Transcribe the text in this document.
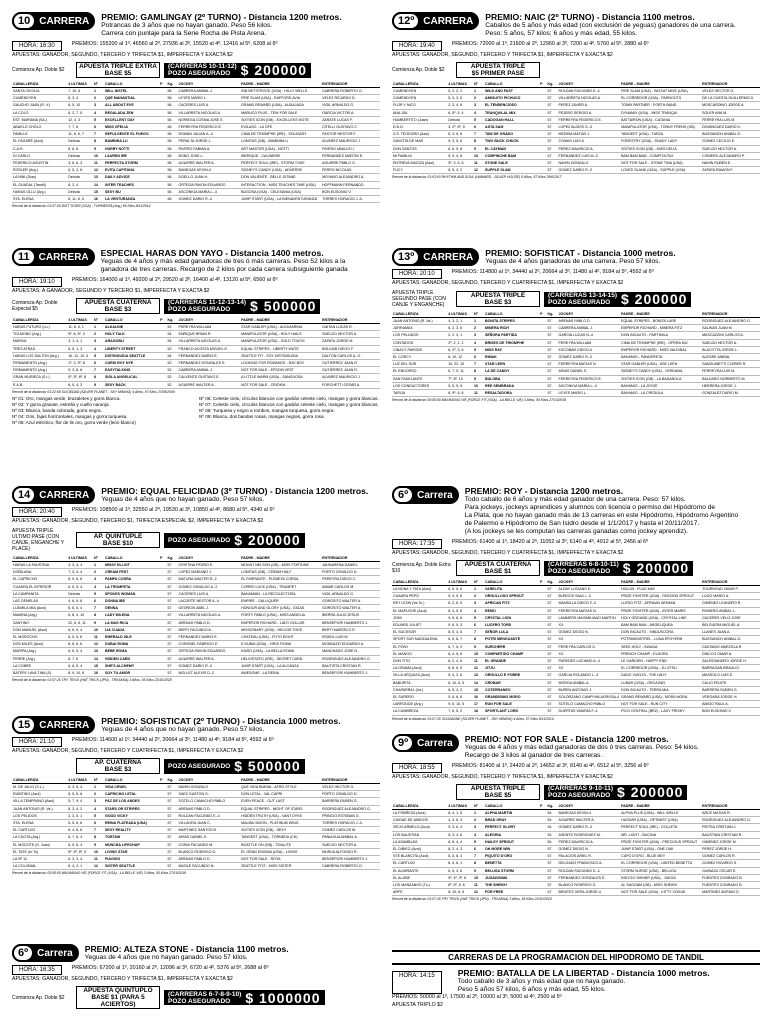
10 CARRERA PREMIO: GAMLINGAY (2º TURNO) - Distancia 1200 metros.
Potrancas de 3 años que no hayan ganado. Peso 56 kilos.
Carrera con puntaje para la Serie Rocha de Pista Arena.
HORA: 16:30	PREMIOS: 155200 al 1º, 46560 al 2º, 27936 al 3º, 15520 al 4º, 12416 al 5º, 6208 al 6º
APUESTAS: GANADOR, SEGUNDO, TERCERO Y TRIFECTA $1, IMPERFECTA Y EXACTA $2
Comienza Ap. Doble $2	APUESTA TRIPLE EXTRA
BASE $5
(CARRERAS 10-11-12)
POZO ASEGURADO $ 200000
CABALLERIZA	4 ULTIMAS	Nº	CABALLO	P	Kg.	JOCKEY	PADRE - MADRE	ENTRENADOR
SANTA CECILIA	7, 10, 6	1	WILL NISTEL		56	CABRERA ANIBAL J.	INN NETSTROCE (USA) - HILLY WELLS	CABRERA ROBERTO O.
CUMENDYEN	8, 3, 4	2	QUE MANANTIAL		56	LEYES MARIO L.	FIRE SLAM (USA) - RAFFORD AVIA	VELEZ RICARDO D.
GAUCHO JUAN (R. V.)	6, 5, 10	3	ALL ABOUT EVE		56	CACERES LUIS A.	GRAND REWARD (USA) - AUDAJADA	VIGIL ARNALDO G.
LA COLO	6, 2, 7, 5	4	REGALADA ZEN		56	VILLARRETA NICOLAS A.	MARUCO PLUS - TEW FOR SALE	GARCIA VICTOR A.
EST. MARIANA (SA.)	12, 4, 3	5	EXCELLENT DAY		56	NORIEGA COSMA JOSE E.	SIXTIES ICON (GB) - EXCELLENT MOTE	ZARATE LUCAS F.
ABUELO CHOLO	7, 7, 6	6	MISS OFELIA		56	FERREYRA FEDERICO E.	EVILASO - LA OFE	CITELLI GUSTAVO C.
FAMILLE	11, 6, 6, 7	7	REFULGENTE EL FUEGO		56	ROMAN JULIAN A.-4	CIMA DE TRIOMPHE (IRE) - SOLIDARY	PASTOR NESTOR F.
EL FAGARÉ (Azul)	Debuta	8	BAMBINA LU		56	PERALTA JORGE L.	LOMITAS (GB) - BAMBINA LI	ALVAREZ MAURICIO J.
C.A.R.	8, 8, 8	9	HURRY NOTTI		56	RIVERO FABIAN A.	ART MASTER (USA) - NOTTI	RIVERO UBALDO I.
DI CARLO	Debuta	10	LAUREN IRE		56	BONO JOSE L.	IBERIQUE - CALINERIE	FERNANDEZ MARTIN E.
FEDERICO AGUSTIN	3, 6, 6, 3	11	PERFECTA STORM		56	AGUIRRE WALTER A.	PERFECT SOUL (IRE) - STORM TOKE	AGUIRRE PABLO G.
ROSLER (Arg.)	6, 5, 3, 6	12	EVITA CAPITANA		56	BANEGAS KEVIN-4	SIDNEY'S CANDY (USA) - ADVERSE	FERRO NICOLAS
LA NINI (Díaz)	Debuta	13	DAILY ADVICE		56	DOELLO JUAN H.	DON VALIENTE - BELLE GITANE	MOYANO ALEJANDRO A.
EL GUADAL (Tandil)	8, 2, 4	14	INTER TEACHES		56	ORTEGA PAVON EDUARDO	INTERACTION - MISS TEACHES TIME (USA)	HOFFMANN FERNANDO
HARAS OLLU (Arg.)	Debuta	15	SEXY BU		56	ASCONIGA MARIA L.-4	BUGOSA (USA) - CELESANIA (USA)	BON EUSONIO V.
STA. ELENA	8, 11, 6, 5	16	LA VENTURANZA		56	GOMEZ DARIO R.-3	JUMP START (USA) - LA BIENAVENTURANZA	TORRES HORACIO J. A.
Record de la distancia: 01:07:26 DIST TIGER (USA) - TORMENTA (Arg.) 56 Kilos 8/11/2014
11 CARRERA ESPECIAL HARAS DON YAYO - Distancia 1400 metros.
Yeguas de 4 años y más edad ganadoras de tres ó más carreras. Peso 52 kilos a la
ganadora de tres carreras. Recargo de 2 kilos por cada carrera subsiguiente ganada
HORA: 19:10	PREMIOS: 164000 al 1º, 49200 al 2º, 29520 al 3º, 16400 al 4º, 13120 al 5º, 6560 al 6º
APUESTAS: A GANADOR, SEGUNDO Y TERCERO $1, IMPERFECTA Y EXACTA $2
Comienza Ap. Doble Especial $5
APUESTA CUATERNA
BASE $3
(CARRERAS 11-12-13-14)
POZO ASEGURADO	$ 500000
CABALLERIZA	4 ULTIMAS	Nº	CABALLO	P	Kg.	JOCKEY	PADRE - MADRE	ENTRENADOR
HARAS FUTURO (Lu.)	11, 6, 4, 1	1	ALKALINE		52	PEREYRA WILLIAM	STAR GABLER (USA) - ALKASARINA	GAITAN LUCAS R.
TOLMONO (Arg.)	5º, 8, 5º, 3	2	HOLY TALK		54	ENRIQUE BRIAN R.	MANIPULATOR (USA) - HOLY HAILS	SUELDO HECTOR A.
MARIVA	3, 1, 4, 1	3	ARAGOBLI		54	VILLARRETA NICOLAS A.	MANIPULATOR (USA) - GOLD TOUCH	ZAPATA JORGE M.
TRES ATRAS	6, 5, 1, 3	4	LIBERTY STREET		52	FRANCO ACOSTA MIGUEL E.	EQUAL STRIPES - LIBERTY WATS	BOLIVAR DIEGO F.
HARAS LOS DALTON (Arg.)	10, 12, 10, 4	5	DISTINGUIDA SEATTLE		54	FERNANDEZ MARIO E.	SEATTLE FIT - SOY DISTINGUIDA	DALTON CARLOS A. G.
FIRMAMENTO (Arg.)	1º, 3, 9º, 8	6	CURSI ROY NYE		52	FERNANDEZ GONZALES E.	LOOKING FOR ROMANCE - RAY BOY	GUTIERREZ JUAN R.
FIRMAMENTO (Arg.)	9, 3, 8, 6	7	EASYTALKING		52	CABRERA ANIBAL J.	NOT FOR SALE - EPSOM VEST	GUTIERREZ JUAN R.
GRAN MURIECA (S.I.)	5º, 5º, 6º, 8	8	SIGLA ANGELICAL		52	CALVENTE GUSTAVO E.	A LITTLE WARM (USA) - SANGUOSA	ALVAREZ MAURICIO J.
E.A.B.	6, 5, 4, 3	9	SEXY BACK		52	AGUIRRE WALTER A.	NOT FOR SALE - CRIOKIA	FORCHETTI CESAR A.
Record de la distancia: 01:22:69 SOCIEDAD (SILVER PLANET - SKY MINING) 4 Años, 57 Kilos 27/09/2009
Nº 01: Oro, mangas verde, brazaletes y gorra blanca.
Nº 02: Y gorra granate, estrella y cuello naranja.
Nº 03: Blanca, banda colorada, gorra negra.
Nº 04: Gris, fajas horizontales, mangas y gorra turquesa.
Nº 05: Azul eléctrico, flor de lis oro, gorra verde (león blanco)
Nº 06: Celeste cielo, círculos blancos con gavilán celeste cielo, mangas y gorra blancas.
Nº 07: Celeste cielo, círculos blancos con gavilán celeste cielo, mangas y gorra blancas.
Nº 08: Turquesa y negro a rombos, mangas turquesa, gorra negra.
Nº 09: Blanca, dos bandas rosas, mangas negras, gorra rosa.
14 CARRERA PREMIO: EQUAL FELICIDAD (3º TURNO) - Distancia 1200 metros.
Yeguas de 4 años que no hayan ganado. Peso 57 kilos.
HORA: 20:40	PREMIOS: 108500 al 1º, 32550 al 2º, 19530 al 3º, 10850 al 4º, 8680 al 5º, 4340 al 6º
APUESTAS: GANADOR, SEGUNDO, TERCERO $1, TRIFECTA ESPECIAL $2, IMPERFECTA Y EXACTA $2
APUESTA TRIPLE ULTIMO PASE (CON CANJE, ENGANCHE Y PLACE)
AP. QUINTUPLE
BASE $10	POZO ASEGURADO $ 200000
CABALLERIZA	4 ULTIMAS	Nº	CABALLO	P	Kg.	JOCKEY	PADRE - MADRE	ENTRENADOR
HARAS LA FAUSTINA	4, 3, 4, 4	1	MISSY ELLIOT		57	CRISTINA PEDRO E.	MOUNT NELSON (GB) - MISS FORTUNE	JAUNARENA DANIEL
DOÑA ANA	7, 3, 4, 4	2	CREAM FEST		57	LOPEZ MARIANO J.	LOMITAS (GB) - CREAM HALF	PORTO OSVALDO D.
EL CAPRICHO	8, 5, 6, 6	3	PAMPA COSRA		57	MATURA WALTER R.-2	EL FARRANTE - PLEBEYA CORSA	PEREYRA DIEGO C.
CUADRA EL INTERIOR	6, 6, 5, 4	4	LA TROMPETA		57	GOMEZ OSVALDO A.-2	CORRO LUCK (USA) - TRUMPET	AIMAR CARLOS M.
LA CAMPANITA	Debuta	5	SPOKES WOMAN		57	CACERES LUIS A.	BAHAMIAN - LA RECOLECTORA	VIGIL ARNALDO G.
LAS GEMELAS	4, 6, 9, 6	6	DONNA IBE		57	LACORTE NESTOR A.-4	EMPIRE - GALLIQUER	GOROSITO WALTER A.
LUDMILA MIA (Azul)	6, 6, 5, 4	7	GENNA		57	GEORGIS ABEL J.	HONOUR AND GLORY (USA) - GIGAS	GOROSITO WALTER A.
MAMINA (Arg.)	6, 8, 3, 10	8	LADY MILENA		57	VILLARRETA NICOLAS A.	FORTY PABLO (USA) - MISS ANGELIA	IBERRA JULIO JESUS
SANTINO	22, 6, 5, 11	9	LA MAS RICA		57	ARENAS PABLO D.	EMPEROR RICHARD - LADY DOLLAR	BENSEPORI HUMBERTO J.
DON MANUEL (Azul)	6, 6, 5, 4	10	LIA CUADA		57	BERTI FACUNDO A.	MISSIONARY (USA) - HELICIE TOKE	BERTI MARCELO E.
EL MOROCHO	6, 5, 5, 6	11	EMERALD ISLE		57	FERNANDEZ MARIO E.	CHATEAU (USA) - FOTO EIGHT	ROBOL LUIS M.
DOS MILES (Azul)	8, 8, 6, 6	12	DUBAI ROMA		57	CORONEL FABRICIO E.	E DUBAI (USA) - VIRGI ROMA	MONDAZZI EDGARDO A.
MARIPA (Arg.)	6, 6, 5, 4	13	BEBE ROMA		57	ORTEGA PAVON EDUARDO	KAISO (USA) - LA BELLA ROMA	MANCHADO JOSE N.
FERRE (Arg.)	8, 7, 6	14	HIDDEN CARD		57	AGUIRRE WALTER A.	HELIOSTATIC (IRE) - SECRET CARD	RODRIGUEZ ALEJANDRO G.
LA COBRE	6, 6, 5, 4	15	SHE'S ALCHEMY		57	GOMEZ DARIO R.-3	JUMP START (USA) - LA ALCANZA	BAUTISTA CRISTIAN R.
BATERY LAVA TINA (S)	8, 9, 10, 6	16	SOY TU AMOR		57	MOLLET ALEXIS D.-2	AWESOME - LA REINA	BENSEPORI HUMBERTO J.
Record de la distancia: 01:07:26 TRY TRICK (HAT TRICK (JPN) - TRIVIANA) 3 Años, 55 Kilos 23/10/2018
15 CARRERA PREMIO: SOFISTICAT (2º TURNO) - Distancia 1000 metros.
Yeguas de 4 años que no hayan ganado. Peso 57 kilos.
HORA: 21:10	PREMIOS: 114600 al 1º, 34440 al 2º, 20664 al 3º, 11480 al 4º, 9184 al 5º, 4592 al 6º
APUESTAS: GANADOR, SEGUNDO, TERCERO Y CUATRIFECTA $1, IMPERFECTA Y EXACTA $2
AP. CUATERNA
BASE $3	POZO ASEGURADO $ 500000
CABALLERIZA	4 ULTIMAS	Nº	CABALLO	P	Kg.	JOCKEY	PADRE - MADRE	ENTRENADOR
M. DE JULIO (S.L.)	5, 3, 5, 4	1	VIDA CRUEL		57	NAHIN GONZALO	QUE VIDA BUENA - AFRO STYLE	VELEZ HECTOR G.
RUBITINO (Azul)	8, 5, 6, 6	2	CAPRICHO LETAL		57	SAEZ GASTON G.	DON LETAL - VAL CAPRI	PORTO OSVALDO D.
VILLA TEMPRANO (Azul)	5, 7, 9, 4	3	PAZ DE LOS ANDES		57	SOTELO CAMACHO PABLO	EVEN PEACE - OUT LAST	BARRERA RUBEN G.
JUAN ANTONIO (R. Va.)	8, 3, 4, 2	4	STARS OR STRIPES		57	ARENAS PABLO D.	EQUAL STRIPES - NIGHT OF STARS	RODRIGUEZ ALEJANDRO G.
LOS PELIDOS	3, 3, 5, 1	5	GOOD VICKY		57	ROLDAN FACUNDO E.-4	HIDDEN TRUTH (USA) - VANT DYKE	PRINCIO ESTEBAN G.
STA. ELENA	6, 5, 6, 6	6	REINA FLATEADA (USA)		57	VILLAGRA JUAN C.	MALIBU MOON - PLATINUM WING	TORRES HORACIO J. A.
EL CARTUJO	8, 4, 6, 6	7	SEXY REALITY		57	MARTINEZ SANTOS B.	SIXTIES ICON (GB) - SEXY	GOMEZ CARLOS M.
LA CUOTA (Arg.)	6, 7, 6, 4	8	TORTAW		57	ARIAS DANIEL E.	TANGEET (USA) - TORNEDA (CH)	PANIAGUA ANIBAL A.
EL MOGOTE (S. Juan)	6, 5, 6, 4	9	MUNCHA LIFECHAP		57	CORIA FACUNDO M.	BOATTLE ON (GB) - TIDALITE	SUELDO HECTOR A.
EL TATE (In.To)	5º, 5º, 6º, 5	10	LIVING STAR		57	BLANCO RODRIGO G.	EL GRAN ENIGMA (USA) - LIVING	MURUA ALFONSO R.
LA Nº 12	6, 3, 3, 4	11	PIAGGIO		57	ARENAS PABLO D.	NOT FOR SALE - ROYA	BENSEPORI HUMBERTO J.
LA COLONIAL	6, 4, 2, 1	12	SISTER SEATTLE		57	BASILE FACUNDO N.	SEATTLE FITZ - MISS SISTER	CABRERA ROBERTO O.
Record de la distancia: 00:55:50 MAXIMUNO VIE (FORCE FIT (USA) - LA BELLE VIE) 3 Años, 55 Kilos 27/10/2018
6º Carrera PREMIO: ALTEZA STONE - Distancia 1100 metros.
Yeguas de 4 años que no hayan ganado. Peso 57 kilos.
HORA: 16:35	PREMIOS: 67200 al 1º, 20160 al 2º, 12096 al 3º, 6720 al 4º, 5376 al 5º, 2688 al 6º
APUESTAS: GANADOR, SEGUNDO, TERCERO Y TRIFECTA $1, IMPERFECTA Y EXACTA $2
Comienza Ap. Doble $2
APUESTA QUINTUPLO
BASE $1 (PARA 5 ACIERTOS)
(CARRERAS 6-7-8-9-10)
POZO ASEGURADO	$ 1000000
12º CARRERA PREMIO: NAIC (2º TURNO) - Distancia 1100 metros.
Caballos de 5 años y más edad (con exclusión de yeguas) ganadores de una carrera.
Peso: 5 años, 57 kilos; 6 años y más edad, 55 kilos.
HORA: 19:40	PREMIOS: 72000 al 1º, 21600 al 2º, 12960 al 3º, 7200 al 4º, 5760 al 5º, 2880 al 6º
APUESTAS: GANADOR, SEGUNDO, TERCERO Y TRIFECTA $1, IMPERFECTA Y EXACTA $2
Comienza Ap. Doble $2	APUESTA TRIPLE
$5 PRIMER PASE
CABALLERIZA	4 ULTIMAS	Nº	CABALLO	P	Kg.	JOCKEY	PADRE - MADRE	ENTRENADOR
CUMENDYEN	5, 2, 2, 2	1	WILD AND FAST		57	ROLDAN FACUNDO E.-4	FIRE SLAM (USA) - WIZZAT MIXE (USA)	VELEZ HECTOR G.
CUMENDYEN	5, 3, 3, 6	2	AMIGUITO PICHUCO		57	VILLARRETA NICOLAS A.	EL CORREDOR (USA) - PARNOOTS	DE LA CUESTA GUILLERMO D.
FLOR Y NICO	2, 3, 4, 6	3	EL TENDENCIOSO		57	PEREZ JAVIER A.	TOWN PARTNER - FORTH BAND	MOSCARDINO JORGE A.
ANA-ISA	6, 5º, 5, 4	4	TRANQUILAL MIX		57	PEJERO SERGIO A.	DYNAMIX (USA) - MISS TRANQUI	SOLER ANA M.
HUMBERTITO (Juan)	Debuta	5	CADOGAN HALL		57	FERREYRA FEDERICO E.	BATTAIRON (USA) - CATANIA	FERREYRA LUIS M.
D.D.D.	3, 2º, 6º, 5	6	ASTA SAM		57	LOPEZ ALDEIS G.-3	MANIPULATOR (USA) - TONNY FRENS (GB)	DOMINGUEZ DARIO D.
S.S. TEODORO (Azul)	6, 3, 5, 6	7	TAW DE GRADO		57	MEDINA MATIAS J.	TANGEET (USA) - TARZA	BUSSANICH ANIBAL D.
GAVIOTA DE MAR	9, 3, 5, 6	8	TWO BUCK CHUCK		57	COMAS LUIS A.	FORESTRY (USA) - SHADY LADY	GOMEZ CECILIO E.
DON SANTOS	6, 6, 9, 8	9	EL CAYMAN		57	PEREZ MAURICIO A.	SIXTIES ICON (GB) - MISS DELIA	SUELDO HECTOR A.
MI FAMILIA	9, 9, 4, 6	10	COMPINCHE BAM		57	FERNANDEZ LUIS M.-3	BAM BAM BAM - COMPITA FAX	CISNERO ALEJANDRO P.
ENTREVA MACIZA (Azul)	5º, 3, 6, 6	11	STONE SALE		57	NAHIN GONZALO	NOT FOR SALE - STONE TINA (USA)	NAHIN RUBEN E.
FUCY	8, 5, 3, 2	12	SUPPLE SLAM		57	GOMEZ DARIO R.-3	LOVED SLAND (USA) - SUPPLE (USA)	ZAPATA RAMON F.
Record de la distancia: 01:03:93 RHYTHM AND SOUL (HAWARD - SILVER HOUSE) 5 Años, 57 Kilos 29/6/2017
13º CARRERA PREMIO: SOFISTICAT - Distancia 1000 metros.
Yeguas de 4 años ganadoras de una carrera. Peso 57 kilos.
HORA: 20:10	PREMIOS: 114800 al 1º, 34440 al 2º, 20664 al 3º, 11480 al 4º, 9184 al 5º, 4592 al 6º
APUESTAS: GANADOR, SEGUNDO, TERCERO Y CUATRIFECTA $1, IMPERFECTA Y EXACTA $2
APUESTA TRIPLE SEGUNDO PASE (CON CANJE Y ENGANCHE)
APUESTA TRIPLE
BASE $3
(CARRERAS 13-14-15)
POZO ASEGURADO $ 200000
CABALLERIZA	4 ULTIMAS	Nº	CABALLO	P	Kg.	JOCKEY	PADRE - MADRE	ENTRENADOR
JUAN ANTONIO (R. Va.)	4, 3, 2, 1	1	BONITA STRIPES		57	ARENAS PABLO D.	EQUAL STRIPES - BONITA LURE	RODRIGUEZ ALEJANDRO G.
JURRAMAX	6, 2, 3, 6	2	MINERA RICH		57	CABRERA ANIBAL J.	EMPEROR RICHARD - MINERA FITZ	SALINAS JUAN M.
LOS PELUDOS	2, 2, 3, 1	3	SEÑORA PARTIDA		57	GARCIA LUCAS N.-4	DON INCAUTO - PARTIMILA	MASCAZZINI CARLOS A.
CONTADOS	2º, 2, 1, 2	4	BRISES DE TRIOMPHE		57	PEREYRA WILLIAM	CIMA DE TRIOMPHE (IRE) - OPERA MIJ	SUELDO HECTOR A.
CINACY PARODE	6, 2º, 3, 6	5	MISS RAY		57	ESCOBAR DIEGO A.	EMPEROR RICHARD - MISS VALDINAL	BLACOTTA JORGE L.
EL CORCY	6, 10, 12	6	RIMAK		57	GOMEZ DARIO R.-3	BAHAMIO - PANDERETA	ALEGRE ANIBAL
LUZ DEL SUR	10, 22, 10	7	STAR LEEN		57	FERREYRA MATIAS N.	STAR GABLER (USA) - ASE LEEN	SANGUINETTI CLEBER R.
EL ENDORSO	6, 7, 9, 11	8	LA DE CANDY		57	ARIAS DANIEL E.	SIDNEY'S CANDY (USA) - VERDANA	FERREYRA LUIS M.
SAN FADELANTE	7º, 5º, 10	9	BULOBA		57	FERREYRA FEDERICO E.	SIXTIES ICON (GB) - LA BADANOLA	BALDARO NORBERTO M.
LOS CONDUCTORES	5, 5, 5, 6	10	REE SEMBRADA		57	ASCONIGA MARIA L.-4	BAHAMIO - LA JOYZE	HERRERA JORGE J.
TARIJA	6, 9º, 6, 6	11	RESALTADORA		57	LEYES MARIO L.	BAHAMIO - LA CREDULA	GONZALEZ DARIO M.
Record de la distancia: 00:55:50 MAXIMUNO VIE (FORCE FIT (USA) - LA BELLE VIE) 3 Años, 55 Kilos 27/10/2018
6º Carrera PREMIO: ROY - Distancia 1200 metros.
Todo caballo de 6 años y más edad ganador de una carrera. Peso: 57 kilos.
Para jockeys, jockeys aprendices y alumnos con licencia o permiso del Hipódromo de
La Plata, que no hayan ganado más de 13 carreras en este Hipódromo, Hipódromo Argentino
de Palermo e Hipódromo de San Isidro desde el 1/1/2017 y hasta el 20/11/2017.
(A los jockeys se les computan las carreras ganadas como jockey aprendiz).
HORA: 17:35	PREMIOS: 61400 al 1º, 18420 al 2º, 11052 al 3º, 6140 al 4º, 4912 al 5º, 2456 al 6º
APUESTAS: GANADOR, SEGUNDO, TERCERO Y CUATRIFECTA $1, IMPERFECTA Y EXACTA $2
Comienza Ap. Doble Extra $10
APUESTA CUATERNA
BASE $1
(CARRERAS 6-8-10-11)
POZO ASEGURADO $ 200000
CABALLERIZA	4 ULTIMAS	Nº	CABALLO	P	Kg.	JOCKEY	PADRE - MADRE	ENTRENADOR
LA NONA Y TATA (Azul)	6, 6, 5, 6	1	VARELITA		57	ALDAY LUCIANO E.	HOLLIN - FLAG MAY	TOURNOUD OMAR P.
CUADRA PEPO	5, 4, 5, 6	2	ORGULLOSO SPROUT		57	BURGOS SAUL I.-3	PRIZE FIGHTER (USA) - PASSION SPROUT	LUGO MARIO A.
REY LEON (Va.To.)	6, 2, 6, 5	3	AFRICAN FITZ		57	MANSILLA DIEGO F.-3	LLERO FITZ - AFRIKAN WOMAN	GIMENEZ LEANDRO R.
EL MAPUCHE (Azul)	8, 4, 5, 6	4	REMO		57	FERREYRA MATIAS N.	PRIZE FIGHTER (USA) - INTER MARIS	ROMERO ANIBAL L.
JOMI	9, 6, 6, 6	5	CRYSTAL LION		57	LAMMERS MAXIMILIANO MARTIN	HOLY GROUND (USA) - CRYSTAL LINE	CACERES VELIZ JOSE
EDUARD JULIET	9, 6, 5, 3	6	LUCERO TORD		57	XX	BAM BAM BAM - ARGELIQUEA	BELGUERA MIGUEL A.
EL SUCESOR	8, 5, 4, 6	7	SEÑOR LULA		57	GOMEZ DIEGO N.	DON INCAUTO - SINDUSCORA	LLANES JUAN A.
SPORT SUR MAGDALENA	6, 5, 6, 7	8	POTRI MENGUANTE		57	XX	POTRIMINISTREL - LUNA EPOYERN	BUSSANICH ANIBAL D.
EL PONY	6, 7, 5, 2	9	SURCHERR		57	PEREYRA CARLOS G.	SEEK HOLY - INVADA	CASSANO MARCELA R.
EL MANGO	6, 4, 5, 6	10	COMPARTIDO CHAMP		57	XX	FRENCH CHAMP - ELDORA	DINCCO OMAR A.
DON TITO	6, 2, 4, 6	11	EL GRANDE		57	PAREDES LUCIANO A.-4	LE GARDIEN - HAPPY END	ZALESSANDRO JORGE H.
LA GRAMA (Azul)	6, 6, 6, 5	12	JITJU		57	XX	EL CORREDOR (USA) - JU JITSU	BARRAGAN BRAULIO
VILLA URQUIZA (Azul)	5, 4, 3, 6	13	ORGULLO E POBRE		57	GARCIA ROLANDO L.-4	DADO VUELTA - THE LADY	MASSOLO LUIS E.
BABURITA	6, 10, 6, 5	14	CROBAR		57	MORGA ANIBAL A.	LUNAR (USA) - ORCA BAY	CALIO FELIPE
CHAPARRAL (Va.)	6, 5, 4, 2	15	COTERRANEO		57	BUREN ANTONIO J.	DON INCAUTO - TERRA MIA	BARRERA RUBEN G.
EL SURERO	5, 6, 6, 6	16	GRANDISIMO MORO		57	SOLORZANO CAMPI MILAGROSA-4	GRAND REWARD (USA) - MORA MORA	VERGARA JORGE H.
LARROUDE (Arg.)	9, 6, 10, 5	17	RUN FOR SALE		57	SOTELO CAMACHO PABLO	NOT FOR SALE - RUN CITY	AMIGO RAUL A.
LA CUMBREZA	7, 6, 5, 2	18	SPORTLANT LORD		57	DUERTAS VANESA F.-4	PICO CENTRAL (BRZ) - LADY FRISKY	BON EUSONIO V.
Record de la distancia: 01:07:26 SOUZANNE (SILVER PLANET - SKY MINING) 4 Años, 57 Kilos 8/11/2014
9º Carrera PREMIO: NOT FOR SALE - Distancia 1200 metros.
Yeguas de 4 años y más edad ganadoras de dos ó tres carreras. Peso: 54 kilos.
Recargo de 3 kilos al ganador de tres carreras.
HORA: 18:55	PREMIOS: 81400 al 1º, 24420 al 2º, 14652 al 3º, 8140 al 4º, 6512 al 5º, 3256 al 6º
APUESTAS: GANADOR, SEGUNDO, TERCERO Y TRIFECTA $1, IMPERFECTA Y EXACTA $2
APUESTA TRIPLE
BASE $5
(CARRERAS 9-10-11)
POZO ASEGURADO $ 200000
CABALLERIZA	4 ULTIMAS	Nº	CABALLO	P	Kg.	JOCKEY	PADRE - MADRE	ENTRENADOR
LA POBREZA (Azul)	8, 4, 1, 5	1	ALPHA MARTIN		54	BANEGAS KEVIN-4	ALPHA PLUS (USA) - WILL WELLE	ARCE MATIAS R.
CUIDAD DE AMIGOS	4, 3, 6, 3	2	BRAD GRAY		54	AGUIRRE WALTER A.	HUSSAR (USA) - OPTIMIST (USA)	RODRIGUEZ ALEJANDRO G.
VIEJO ARMELO (Azul)	9, 3, 6, 4	3	PERFECT GLORY		54	GOMEZ DARIO R.-3	PERFECT SOUL (IRE) - GOLLETA	PIETRA CRISTIAN J.
LOS BAUSTIAN	5, 3, 4, 6	4	ALEGRIA		54	ASENTO RODRIGUEZ M.	MR. LIGHT - BUCINA	BAUSTIAN CRISTIAN R.
LA ASAMBLEA	8, 6, 4, 4	5	HAILEY SPROUT		54	PEREZ MAURICIO A.	PRIZE FIGHTER (USA) - PRECIOUS SPROUT	GIMENEZ JORGE M.
EL DIBIEO (Azul)	8, 2, 4, 3	6	OH MORE WIN		57	GOMEZ DIEGO N.	JUMP START (USA) - ONE OAK	PEREZ JORGE H.
STE BLANCITA (Azul)	6, 5, 6, 4	7	PIQUITO D'ORO		57	PALACIOS ARIEL R.	CAPO D'ORO - BLUE MEY	GOMEZ CARLOS R.
EL CARTUJO	8, 4, 6, 1	8	BENETTA		57	DELGADO FRANCISCO A.	EL CORREDOR (USA) - UNITED BENETTA	GOMEZ RICARDO S.
EL ALMIRANTE	6, 5, 3, 6	9	BELUGA STORM		57	ROLDAN FACUNDO E.-4	STORM SURGE (USA) - BELUGA	GUINAZU OSCAR E.
EL ALJIBE	5º, 4º, 3º, 6	10	JUGADISIMA		57	FERNANDEZ GONZALES E.	INDYGO SHINER (USA) - JUEGA	FUENTES CONRADO B.
LOS MANZANOS (Tu.)	6º, 5º, 5, 6	11	THE SHEIKH		57	BLANCO RODRIGO G.	AL SAGGAM (GB) - MISS SHEIKH	FUENTES CONRADO B.
ARFE	8, 10, 6, 5	12	FOR FREE		57	BENITEZ VERA JORGE-4	NOT FOR SALE (USA) - KITTY VOGUE	MARTINEZ ADRIAN O.
Record de la distancia: 01:07:26 TRY TRICK (HAT TRICK (JPN) - TRIVIANA) 3 Años, 55 Kilos 23/10/2018
CARRERAS DE LA PROGRAMACION DEL HIPODROMO DE TANDIL
HORA: 14:15	PREMIO: BATALLA DE LA LIBERTAD - Distancia 1000 metros.
Todo caballo de 3 años y más edad que no haya ganado.
Peso 5 años 57 kilos, 6 años y más edad, 55 kilos.
PREMIOS: 50000 al 1º, 17500 al 2º, 10000 al 3º, 5000 al 4º, 2500 al 5º
APUESTA TRIPLO $2
